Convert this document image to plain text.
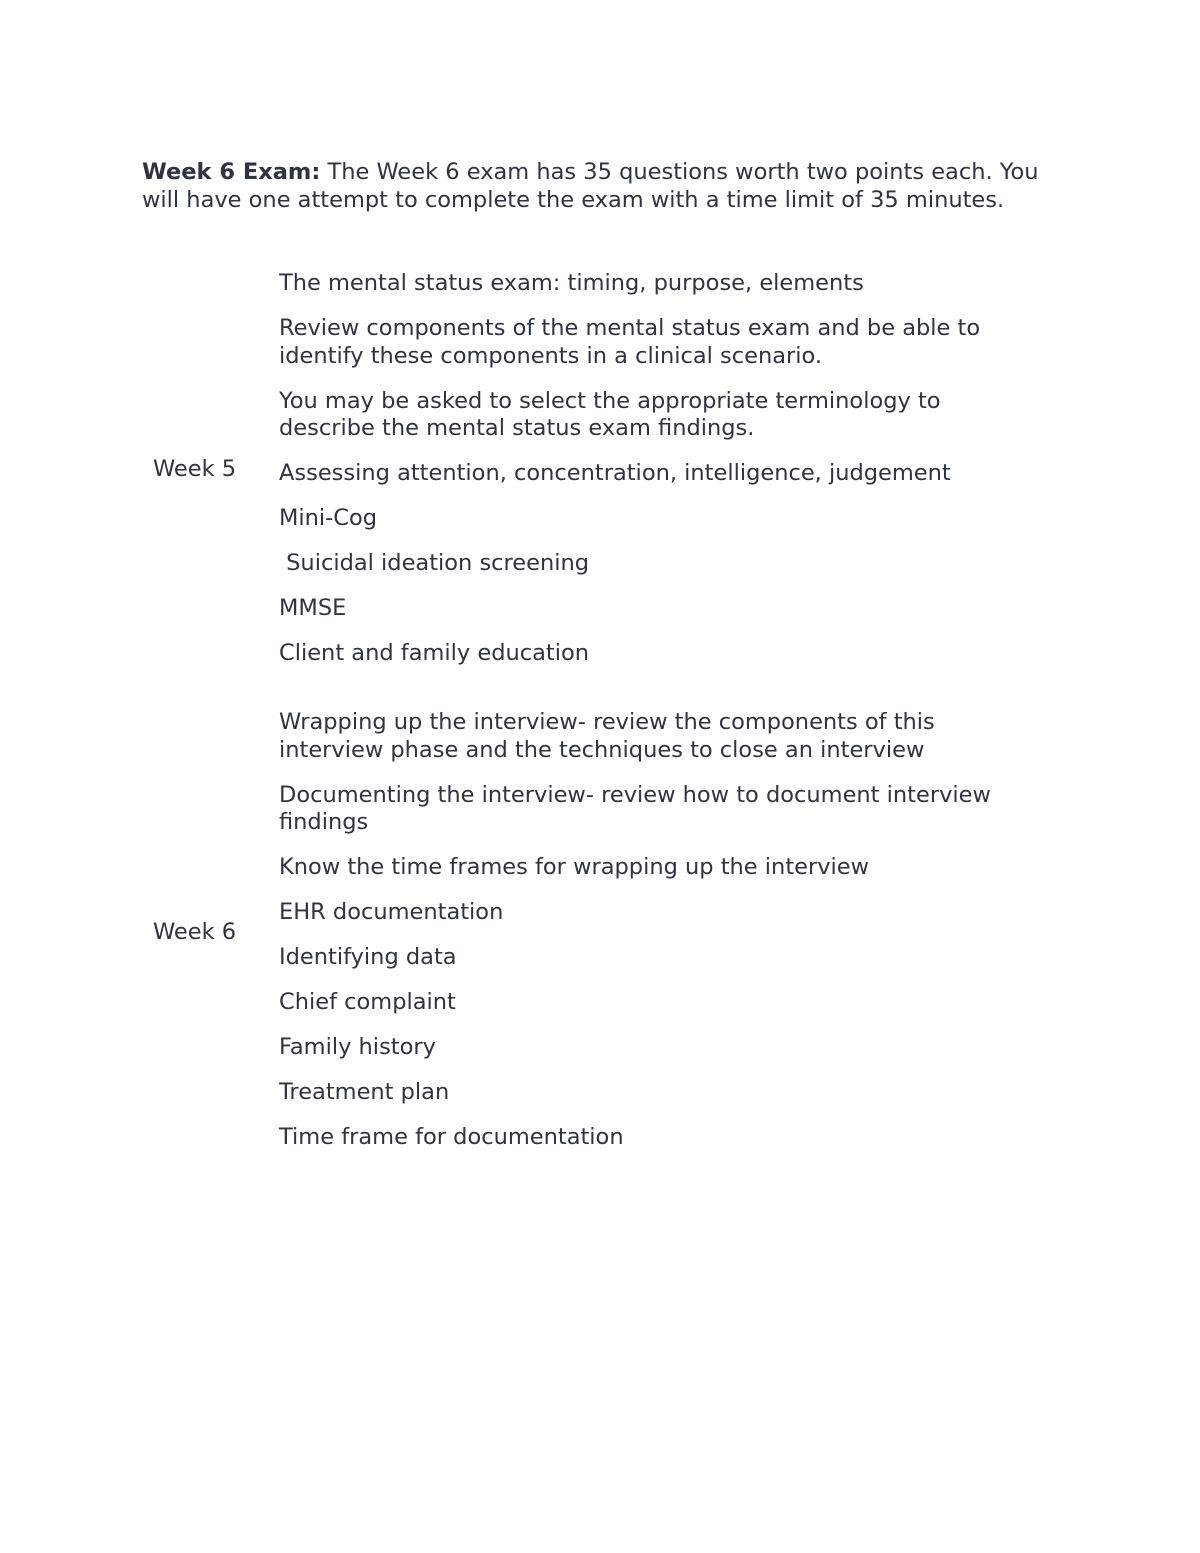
Week 6 Exam: The Week 6 exam has 35 questions worth two points each. You will have one attempt to complete the exam with a time limit of 35 minutes.

Week 5
The mental status exam: timing, purpose, elements
Review components of the mental status exam and be able to identify these components in a clinical scenario.
You may be asked to select the appropriate terminology to describe the mental status exam findings.
Assessing attention, concentration, intelligence, judgement
Mini-Cog
Suicidal ideation screening
MMSE
Client and family education
Week 6
Wrapping up the interview- review the components of this interview phase and the techniques to close an interview
Documenting the interview- review how to document interview findings
Know the time frames for wrapping up the interview
EHR documentation
Identifying data
Chief complaint
Family history
Treatment plan
Time frame for documentation
